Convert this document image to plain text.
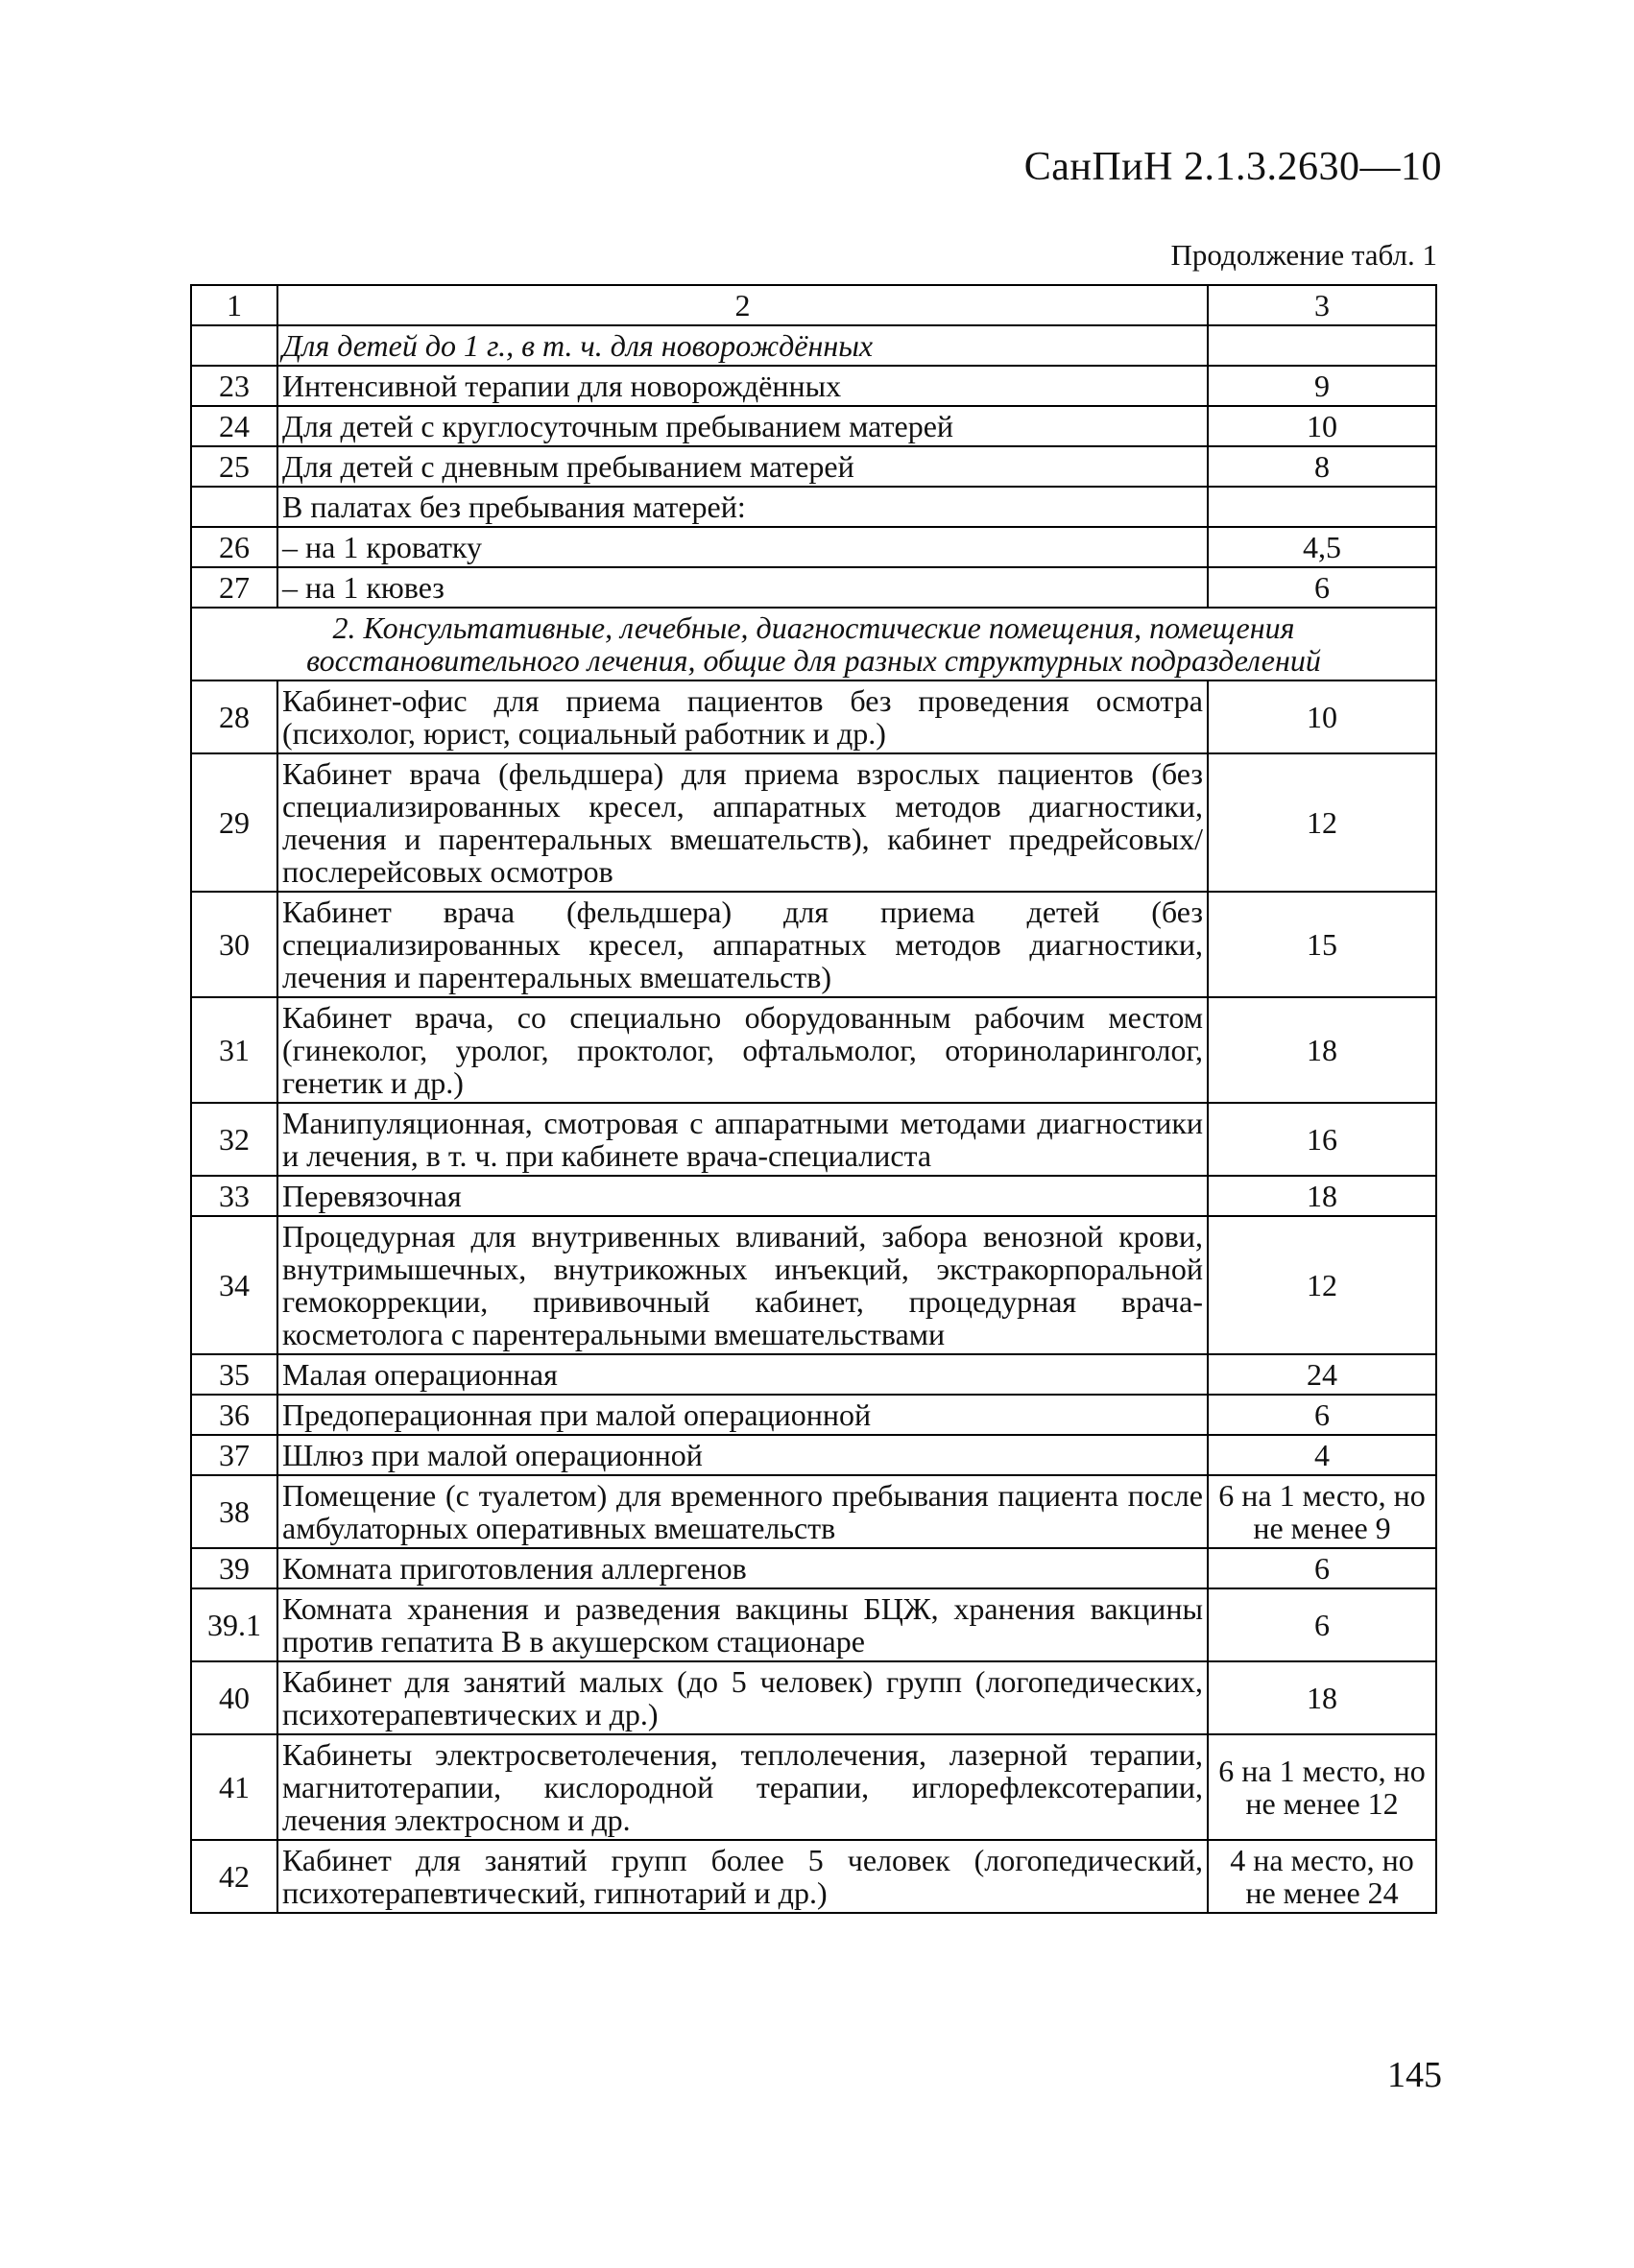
СанПиН 2.1.3.2630—10
Продолжение табл. 1
1	2	3
	Для детей до 1 г., в т. ч. для новорождённых	
23	Интенсивной терапии для новорождённых	9
24	Для детей с круглосуточным пребыванием матерей	10
25	Для детей с дневным пребыванием матерей	8
	В палатах без пребывания матерей:	
26	– на 1 кроватку	4,5
27	– на 1 кювез	6
2. Консультативные, лечебные, диагностические помещения, помещения восстановительного лечения, общие для разных структурных подразделений		
28	Кабинет-офис для приема пациентов без проведения осмотра (психолог, юрист, социальный работник и др.)	10
29	Кабинет врача (фельдшера) для приема взрослых пациентов (без специализированных кресел, аппаратных методов диагностики, лечения и парентеральных вмешательств), кабинет предрейсовых/послерейсовых осмотров	12
30	Кабинет врача (фельдшера) для приема детей (без специализированных кресел, аппаратных методов диагностики, лечения и парентеральных вмешательств)	15
31	Кабинет врача, со специально оборудованным рабочим местом (гинеколог, уролог, проктолог, офтальмолог, оториноларинголог, генетик и др.)	18
32	Манипуляционная, смотровая с аппаратными методами диагностики и лечения, в т. ч. при кабинете врача-специалиста	16
33	Перевязочная	18
34	Процедурная для внутривенных вливаний, забора венозной крови, внутримышечных, внутрикожных инъекций, экстракорпоральной гемокоррекции, прививочный кабинет, процедурная врача-косметолога с парентеральными вмешательствами	12
35	Малая операционная	24
36	Предоперационная при малой операционной	6
37	Шлюз при малой операционной	4
38	Помещение (с туалетом) для временного пребывания пациента после амбулаторных оперативных вмешательств	6 на 1 место, но не менее 9
39	Комната приготовления аллергенов	6
39.1	Комната хранения и разведения вакцины БЦЖ, хранения вакцины против гепатита В в акушерском стационаре	6
40	Кабинет для занятий малых (до 5 человек) групп (логопедических, психотерапевтических и др.)	18
41	Кабинеты электросветолечения, теплолечения, лазерной терапии, магнитотерапии, кислородной терапии, иглорефлексотерапии, лечения электросном и др.	6 на 1 место, но не менее 12
42	Кабинет для занятий групп более 5 человек (логопедический, психотерапевтический, гипнотарий и др.)	4 на место, но не менее 24
145
